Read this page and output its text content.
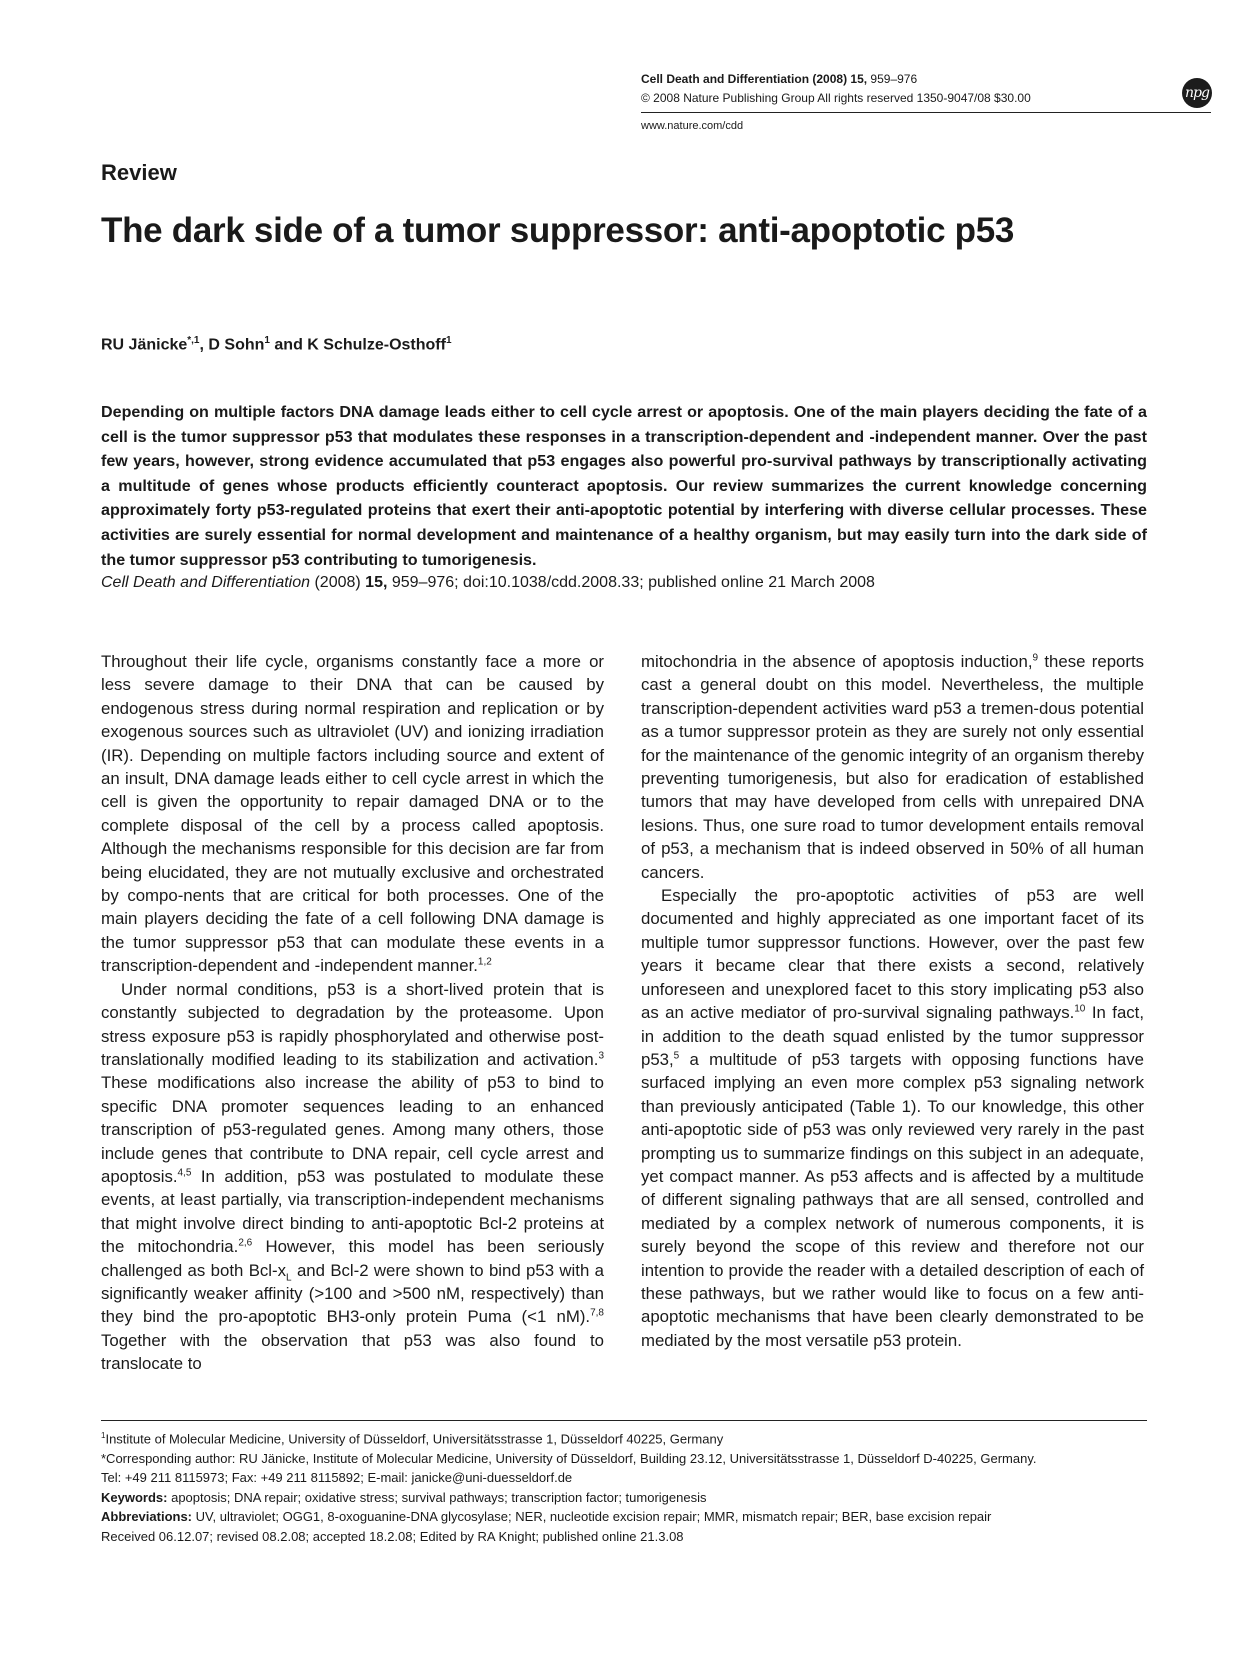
Cell Death and Differentiation (2008) 15, 959–976
© 2008 Nature Publishing Group All rights reserved 1350-9047/08 $30.00
www.nature.com/cdd
npg
Review
The dark side of a tumor suppressor: anti-apoptotic p53
RU Jänicke$^{*,1}$, D Sohn$^1$ and K Schulze-Osthoff$^1$
Depending on multiple factors DNA damage leads either to cell cycle arrest or apoptosis. One of the main players deciding the fate of a cell is the tumor suppressor p53 that modulates these responses in a transcription-dependent and -independent manner. Over the past few years, however, strong evidence accumulated that p53 engages also powerful pro-survival pathways by transcriptionally activating a multitude of genes whose products efficiently counteract apoptosis. Our review summarizes the current knowledge concerning approximately forty p53-regulated proteins that exert their anti-apoptotic potential by interfering with diverse cellular processes. These activities are surely essential for normal development and maintenance of a healthy organism, but may easily turn into the dark side of the tumor suppressor p53 contributing to tumorigenesis.
Cell Death and Differentiation (2008) 15, 959–976; doi:10.1038/cdd.2008.33; published online 21 March 2008

Throughout their life cycle, organisms constantly face a more or less severe damage to their DNA that can be caused by endogenous stress during normal respiration and replication or by exogenous sources such as ultraviolet (UV) and ionizing irradiation (IR). Depending on multiple factors including source and extent of an insult, DNA damage leads either to cell cycle arrest in which the cell is given the opportunity to repair damaged DNA or to the complete disposal of the cell by a process called apoptosis. Although the mechanisms responsible for this decision are far from being elucidated, they are not mutually exclusive and orchestrated by compo-nents that are critical for both processes. One of the main players deciding the fate of a cell following DNA damage is the tumor suppressor p53 that can modulate these events in a transcription-dependent and -independent manner.$^{1,2}$

Under normal conditions, p53 is a short-lived protein that is constantly subjected to degradation by the proteasome. Upon stress exposure p53 is rapidly phosphorylated and otherwise post-translationally modified leading to its stabilization and activation.$^3$ These modifications also increase the ability of p53 to bind to specific DNA promoter sequences leading to an enhanced transcription of p53-regulated genes. Among many others, those include genes that contribute to DNA repair, cell cycle arrest and apoptosis.$^{4,5}$ In addition, p53 was postulated to modulate these events, at least partially, via transcription-independent mechanisms that might involve direct binding to anti-apoptotic Bcl-2 proteins at the mitochondria.$^{2,6}$ However, this model has been seriously challenged as both Bcl-$x_L$ and Bcl-2 were shown to bind p53 with a significantly weaker affinity (>100 and >500 nM, respectively) than they bind the pro-apoptotic BH3-only protein Puma (<1 nM).$^{7,8}$ Together with the observation that p53 was also found to translocate to

mitochondria in the absence of apoptosis induction,$^9$ these reports cast a general doubt on this model. Nevertheless, the multiple transcription-dependent activities ward p53 a tremen-dous potential as a tumor suppressor protein as they are surely not only essential for the maintenance of the genomic integrity of an organism thereby preventing tumorigenesis, but also for eradication of established tumors that may have developed from cells with unrepaired DNA lesions. Thus, one sure road to tumor development entails removal of p53, a mechanism that is indeed observed in 50% of all human cancers.

Especially the pro-apoptotic activities of p53 are well documented and highly appreciated as one important facet of its multiple tumor suppressor functions. However, over the past few years it became clear that there exists a second, relatively unforeseen and unexplored facet to this story implicating p53 also as an active mediator of pro-survival signaling pathways.$^{10}$ In fact, in addition to the death squad enlisted by the tumor suppressor p53,$^5$ a multitude of p53 targets with opposing functions have surfaced implying an even more complex p53 signaling network than previously anticipated (Table 1). To our knowledge, this other anti-apoptotic side of p53 was only reviewed very rarely in the past prompting us to summarize findings on this subject in an adequate, yet compact manner. As p53 affects and is affected by a multitude of different signaling pathways that are all sensed, controlled and mediated by a complex network of numerous components, it is surely beyond the scope of this review and therefore not our intention to provide the reader with a detailed description of each of these pathways, but we rather would like to focus on a few anti-apoptotic mechanisms that have been clearly demonstrated to be mediated by the most versatile p53 protein.

$^1$Institute of Molecular Medicine, University of Düsseldorf, Universitätsstrasse 1, Düsseldorf 40225, Germany

*Corresponding author: RU Jänicke, Institute of Molecular Medicine, University of Düsseldorf, Building 23.12, Universitätsstrasse 1, Düsseldorf D-40225, Germany.

Tel: +49 211 8115973; Fax: +49 211 8115892; E-mail: janicke@uni-duesseldorf.de

Keywords: apoptosis; DNA repair; oxidative stress; survival pathways; transcription factor; tumorigenesis

Abbreviations: UV, ultraviolet; OGG1, 8-oxoguanine-DNA glycosylase; NER, nucleotide excision repair; MMR, mismatch repair; BER, base excision repair

Received 06.12.07; revised 08.2.08; accepted 18.2.08; Edited by RA Knight; published online 21.3.08
